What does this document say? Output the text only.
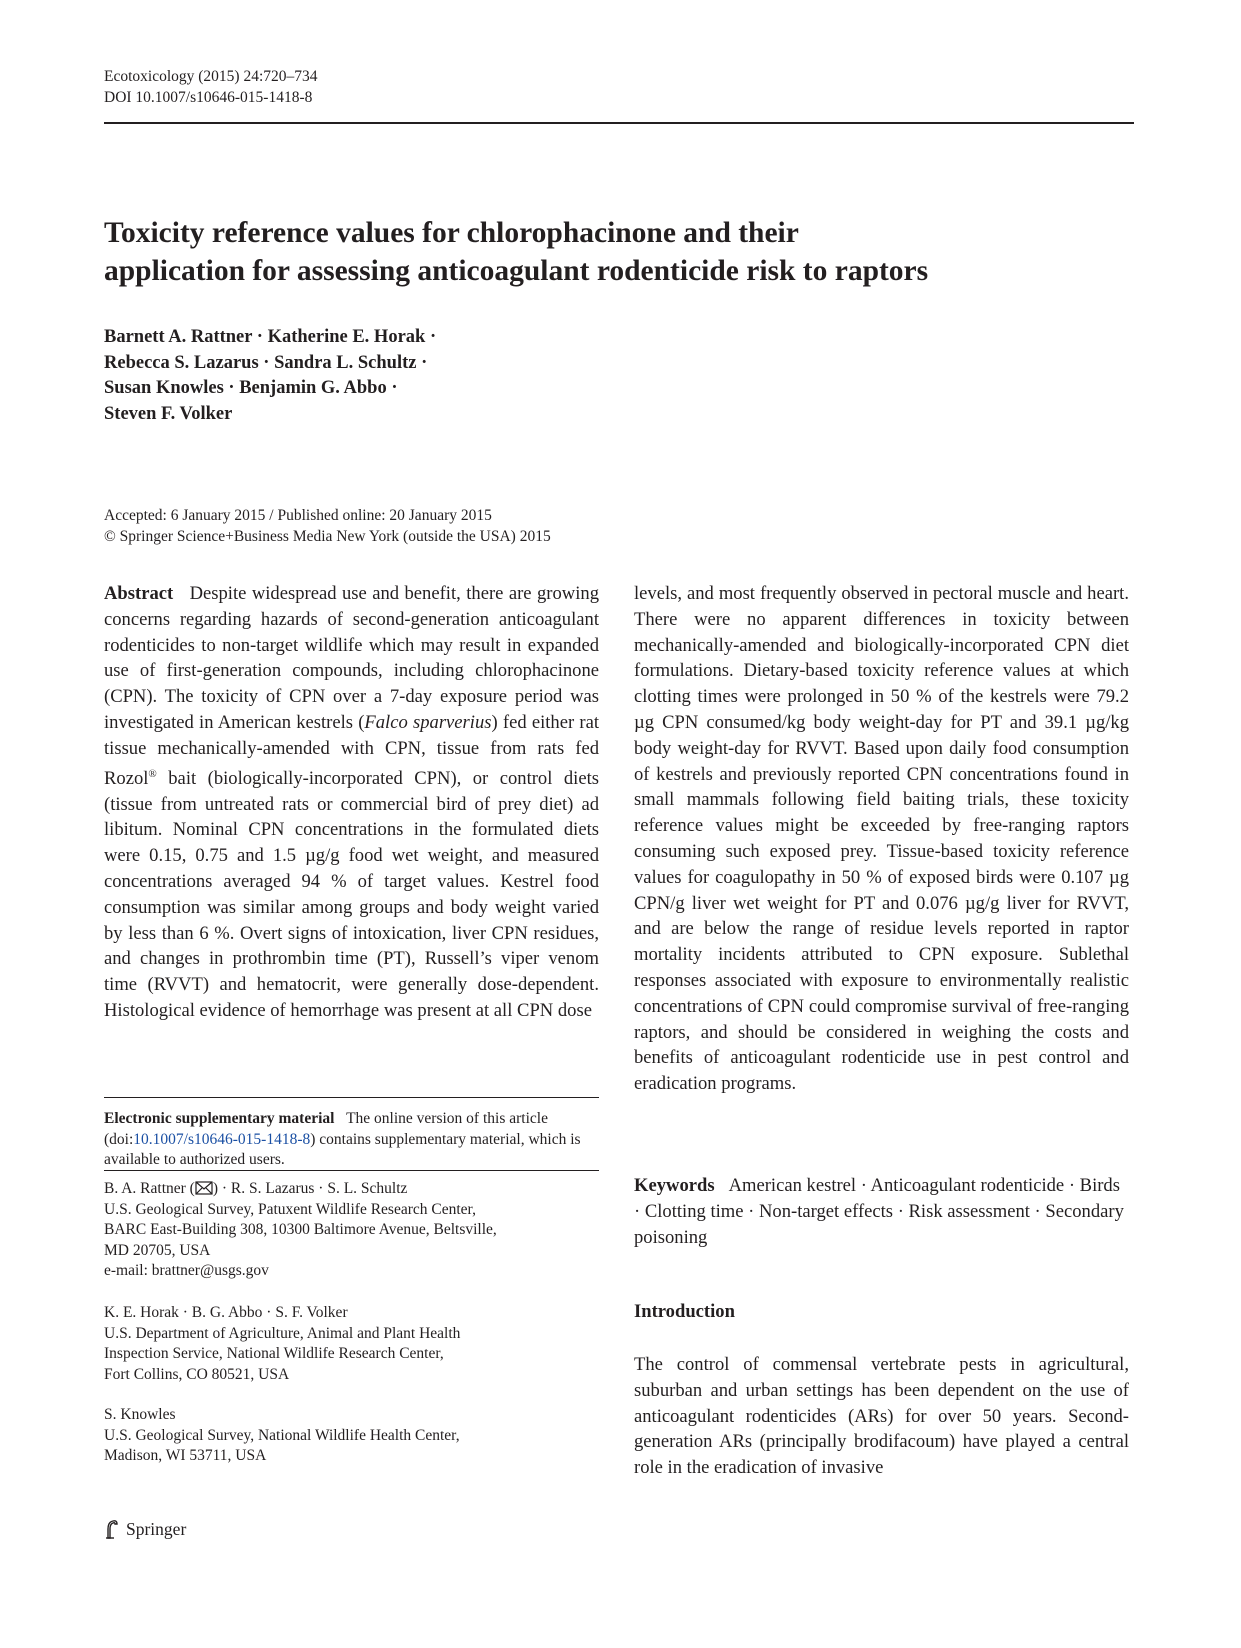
Ecotoxicology (2015) 24:720–734
DOI 10.1007/s10646-015-1418-8
Toxicity reference values for chlorophacinone and their
application for assessing anticoagulant rodenticide risk to raptors
Barnett A. Rattner · Katherine E. Horak ·
Rebecca S. Lazarus · Sandra L. Schultz ·
Susan Knowles · Benjamin G. Abbo ·
Steven F. Volker
Accepted: 6 January 2015 / Published online: 20 January 2015
© Springer Science+Business Media New York (outside the USA) 2015

Abstract Despite widespread use and benefit, there are growing concerns regarding hazards of second-generation anticoagulant rodenticides to non-target wildlife which may result in expanded use of first-generation compounds, including chlorophacinone (CPN). The toxicity of CPN over a 7-day exposure period was investigated in American kestrels (Falco sparverius) fed either rat tissue mechanically-amended with CPN, tissue from rats fed Rozol® bait (biologically-incorporated CPN), or control diets (tissue from untreated rats or commercial bird of prey diet) ad libitum. Nominal CPN concentrations in the formulated diets were 0.15, 0.75 and 1.5 µg/g food wet weight, and measured concentrations averaged 94 % of target values. Kestrel food consumption was similar among groups and body weight varied by less than 6 %. Overt signs of intoxication, liver CPN residues, and changes in prothrombin time (PT), Russell’s viper venom time (RVVT) and hematocrit, were generally dose-dependent. Histological evidence of hemorrhage was present at all CPN dose

Electronic supplementary material The online version of this article (doi:10.1007/s10646-015-1418-8) contains supplementary material, which is available to authorized users.
B. A. Rattner ( ) · R. S. Lazarus · S. L. Schultz
U.S. Geological Survey, Patuxent Wildlife Research Center,
BARC East-Building 308, 10300 Baltimore Avenue, Beltsville,
MD 20705, USA
e-mail: brattner@usgs.gov
K. E. Horak · B. G. Abbo · S. F. Volker
U.S. Department of Agriculture, Animal and Plant Health
Inspection Service, National Wildlife Research Center,
Fort Collins, CO 80521, USA
S. Knowles
U.S. Geological Survey, National Wildlife Health Center,
Madison, WI 53711, USA

levels, and most frequently observed in pectoral muscle and heart. There were no apparent differences in toxicity between mechanically-amended and biologically-incorporated CPN diet formulations. Dietary-based toxicity reference values at which clotting times were prolonged in 50 % of the kestrels were 79.2 µg CPN consumed/kg body weight-day for PT and 39.1 µg/kg body weight-day for RVVT. Based upon daily food consumption of kestrels and previously reported CPN concentrations found in small mammals following field baiting trials, these toxicity reference values might be exceeded by free-ranging raptors consuming such exposed prey. Tissue-based toxicity reference values for coagulopathy in 50 % of exposed birds were 0.107 µg CPN/g liver wet weight for PT and 0.076 µg/g liver for RVVT, and are below the range of residue levels reported in raptor mortality incidents attributed to CPN exposure. Sublethal responses associated with exposure to environmentally realistic concentrations of CPN could compromise survival of free-ranging raptors, and should be considered in weighing the costs and benefits of anticoagulant rodenticide use in pest control and eradication programs.

Keywords American kestrel · Anticoagulant rodenticide · Birds · Clotting time · Non-target effects · Risk assessment · Secondary poisoning
Introduction

The control of commensal vertebrate pests in agricultural, suburban and urban settings has been dependent on the use of anticoagulant rodenticides (ARs) for over 50 years. Second-generation ARs (principally brodifacoum) have played a central role in the eradication of invasive

Springer
